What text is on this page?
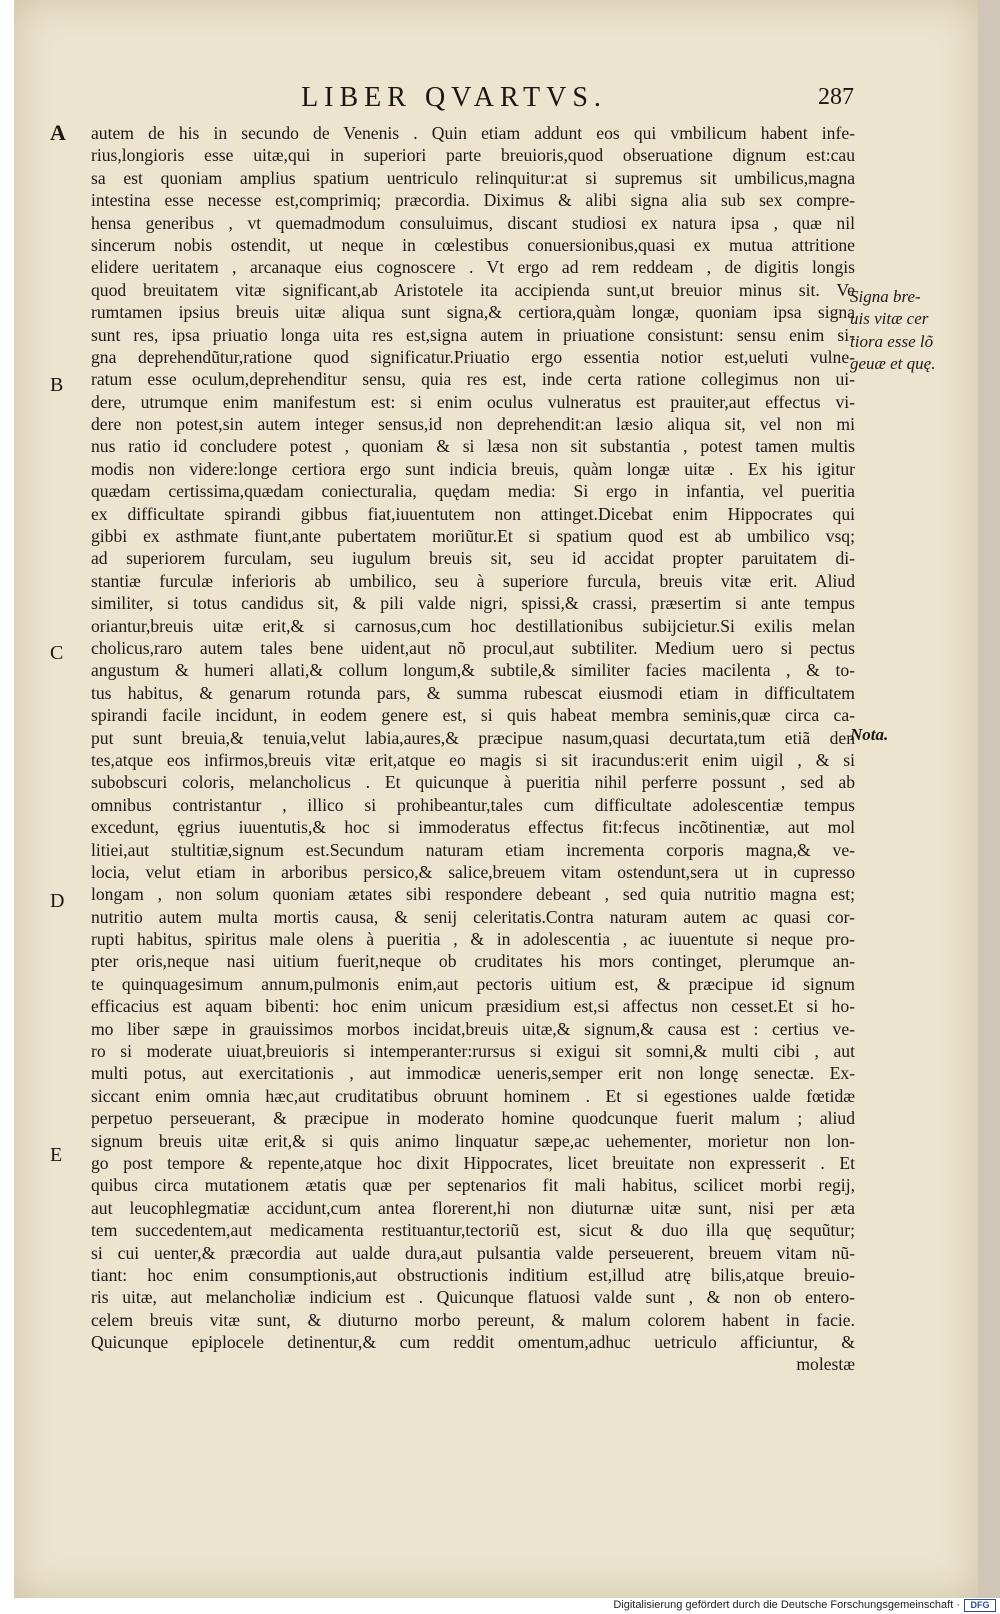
LIBER QVARTVS.	287
A
B
C
D
E
autem de his in secundo de Venenis . Quin etiam addunt eos qui vmbilicum habent infe-
rius,longioris esse uitæ,qui in superiori parte breuioris,quod obseruatione dignum est:cau
sa est quoniam amplius spatium uentriculo relinquitur:at si supremus sit umbilicus,magna
intestina esse necesse est,comprimiq; præcordia. Diximus & alibi signa alia sub sex compre-
hensa generibus , vt quemadmodum consuluimus, discant studiosi ex natura ipsa , quæ nil
sincerum nobis ostendit, ut neque in cœlestibus conuersionibus,quasi ex mutua attritione
elidere ueritatem , arcanaque eius cognoscere . Vt ergo ad rem reddeam , de digitis longis
quod breuitatem vitæ significant,ab Aristotele ita accipienda sunt,ut breuior minus sit. Ve
rumtamen ipsius breuis uitæ aliqua sunt signa,& certiora,quàm longæ, quoniam ipsa signa
sunt res, ipsa priuatio longa uita res est,signa autem in priuatione consistunt: sensu enim si-
gna deprehendũtur,ratione quod significatur.Priuatio ergo essentia notior est,ueluti vulne-
ratum esse oculum,deprehenditur sensu, quia res est, inde certa ratione collegimus non ui-
dere, utrumque enim manifestum est: si enim oculus vulneratus est prauiter,aut effectus vi-
dere non potest,sin autem integer sensus,id non deprehendit:an læsio aliqua sit, vel non mi
nus ratio id concludere potest , quoniam & si læsa non sit substantia , potest tamen multis
modis non videre:longe certiora ergo sunt indicia breuis, quàm longæ uitæ . Ex his igitur
quædam certissima,quædam coniecturalia, quędam media: Si ergo in infantia, vel pueritia
ex difficultate spirandi gibbus fiat,iuuentutem non attinget.Dicebat enim Hippocrates qui
gibbi ex asthmate fiunt,ante pubertatem moriũtur.Et si spatium quod est ab umbilico vsq;
ad superiorem furculam, seu iugulum breuis sit, seu id accidat propter paruitatem di-
stantiæ furculæ inferioris ab umbilico, seu à superiore furcula, breuis vitæ erit. Aliud
similiter, si totus candidus sit, & pili valde nigri, spissi,& crassi, præsertim si ante tempus
oriantur,breuis uitæ erit,& si carnosus,cum hoc destillationibus subijcietur.Si exilis melan
cholicus,raro autem tales bene uident,aut nõ procul,aut subtiliter. Medium uero si pectus
angustum & humeri allati,& collum longum,& subtile,& similiter facies macilenta , & to-
tus habitus, & genarum rotunda pars, & summa rubescat eiusmodi etiam in difficultatem
spirandi facile incidunt, in eodem genere est, si quis habeat membra seminis,quæ circa ca-
put sunt breuia,& tenuia,velut labia,aures,& præcipue nasum,quasi decurtata,tum etiã den
tes,atque eos infirmos,breuis vitæ erit,atque eo magis si sit iracundus:erit enim uigil , & si
subobscuri coloris, melancholicus . Et quicunque à pueritia nihil perferre possunt , sed ab
omnibus contristantur , illico si prohibeantur,tales cum difficultate adolescentiæ tempus
excedunt, ęgrius iuuentutis,& hoc si immoderatus effectus fit:fecus incõtinentiæ, aut mol
litiei,aut stultitiæ,signum est.Secundum naturam etiam incrementa corporis magna,& ve-
locia, velut etiam in arboribus persico,& salice,breuem vitam ostendunt,sera ut in cupresso
longam , non solum quoniam ætates sibi respondere debeant , sed quia nutritio magna est;
nutritio autem multa mortis causa, & senij celeritatis.Contra naturam autem ac quasi cor-
rupti habitus, spiritus male olens à pueritia , & in adolescentia , ac iuuentute si neque pro-
pter oris,neque nasi uitium fuerit,neque ob cruditates his mors continget, plerumque an-
te quinquagesimum annum,pulmonis enim,aut pectoris uitium est, & præcipue id signum
efficacius est aquam bibenti: hoc enim unicum præsidium est,si affectus non cesset.Et si ho-
mo liber sæpe in grauissimos morbos incidat,breuis uitæ,& signum,& causa est : certius ve-
ro si moderate uiuat,breuioris si intemperanter:rursus si exigui sit somni,& multi cibi , aut
multi potus, aut exercitationis , aut immodicæ ueneris,semper erit non longę senectæ. Ex-
siccant enim omnia hæc,aut cruditatibus obruunt hominem . Et si egestiones ualde fœtidæ
perpetuo perseuerant, & præcipue in moderato homine quodcunque fuerit malum ; aliud
signum breuis uitæ erit,& si quis animo linquatur sæpe,ac uehementer, morietur non lon-
go post tempore & repente,atque hoc dixit Hippocrates, licet breuitate non expresserit . Et
quibus circa mutationem ætatis quæ per septenarios fit mali habitus, scilicet morbi regij,
aut leucophlegmatiæ accidunt,cum antea florerent,hi non diuturnæ uitæ sunt, nisi per æta
tem succedentem,aut medicamenta restituantur,tectoriũ est, sicut & duo illa quę sequũtur;
si cui uenter,& præcordia aut ualde dura,aut pulsantia valde perseuerent, breuem vitam nũ-
tiant: hoc enim consumptionis,aut obstructionis inditium est,illud atrę bilis,atque breuio-
ris uitæ, aut melancholiæ indicium est . Quicunque flatuosi valde sunt , & non ob entero-
celem breuis vitæ sunt, & diuturno morbo pereunt, & malum colorem habent in facie.
Quicunque epiplocele detinentur,& cum reddit omentum,adhuc uetriculo afficiuntur, &
molestæ
Signa bre-
uis vitæ cer
tiora esse lõ
geuæ et quę.
Nota.
Digitalisierung gefördert durch die Deutsche Forschungsgemeinschaft ·	DFG
